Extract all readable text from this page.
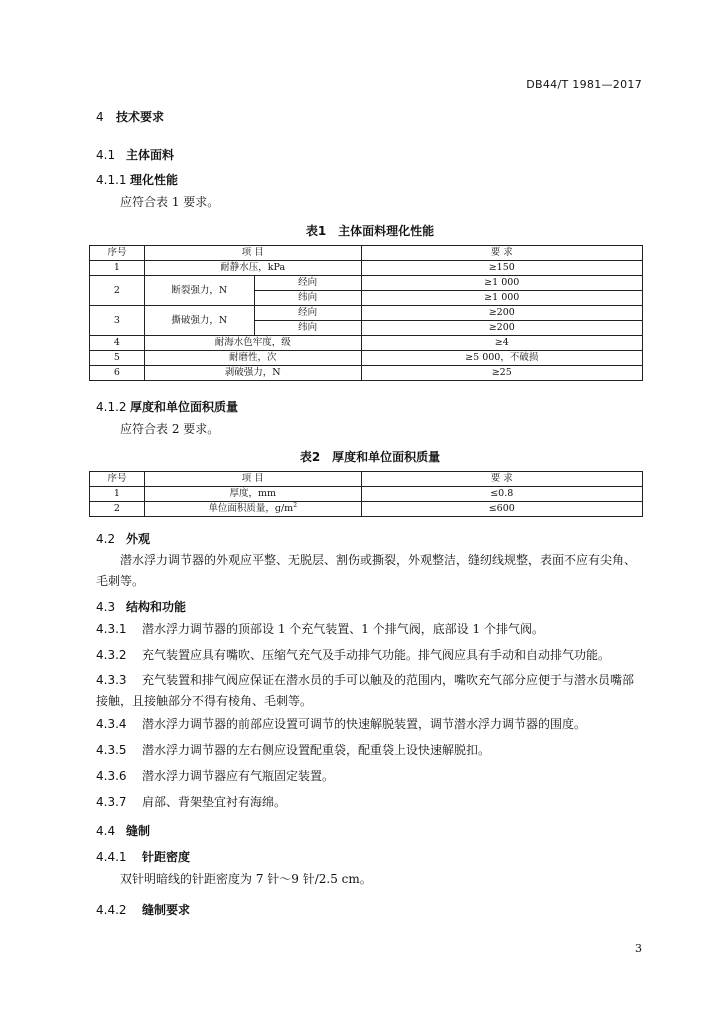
DB44/T 1981—2017
4 技术要求
4.1 主体面料
4.1.1 理化性能
应符合表 1 要求。
表1　主体面料理化性能
序号	项 目		要 求
1	耐静水压，kPa		≥150
2	断裂强力，N	经向	≥1 000
		纬向	≥1 000
3	撕破强力，N	经向	≥200
		纬向	≥200
4	耐海水色牢度，级		≥4
5	耐磨性，次		≥5 000，不破损
6	剥破强力，N		≥25
4.1.2 厚度和单位面积质量
应符合表 2 要求。
表2　厚度和单位面积质量
序号	项 目	要 求
1	厚度，mm	≤0.8
2	单位面积质量，$g/m^2$	≤600
4.2 外观
潜水浮力调节器的外观应平整、无脱层、割伤或撕裂，外观整洁，缝纫线规整，表面不应有尖角、毛刺等。
4.3 结构和功能
4.3.1 潜水浮力调节器的顶部设 1 个充气装置、1 个排气阀，底部设 1 个排气阀。
4.3.2 充气装置应具有嘴吹、压缩气充气及手动排气功能。排气阀应具有手动和自动排气功能。
4.3.3 充气装置和排气阀应保证在潜水员的手可以触及的范围内，嘴吹充气部分应便于与潜水员嘴部接触，且接触部分不得有棱角、毛刺等。
4.3.4 潜水浮力调节器的前部应设置可调节的快速解脱装置，调节潜水浮力调节器的围度。
4.3.5 潜水浮力调节器的左右侧应设置配重袋，配重袋上设快速解脱扣。
4.3.6 潜水浮力调节器应有气瓶固定装置。
4.3.7 肩部、背架垫宜衬有海绵。
4.4 缝制
4.4.1 针距密度
双针明暗线的针距密度为 7 针～9 针/2.5 cm。
4.4.2 缝制要求
3
